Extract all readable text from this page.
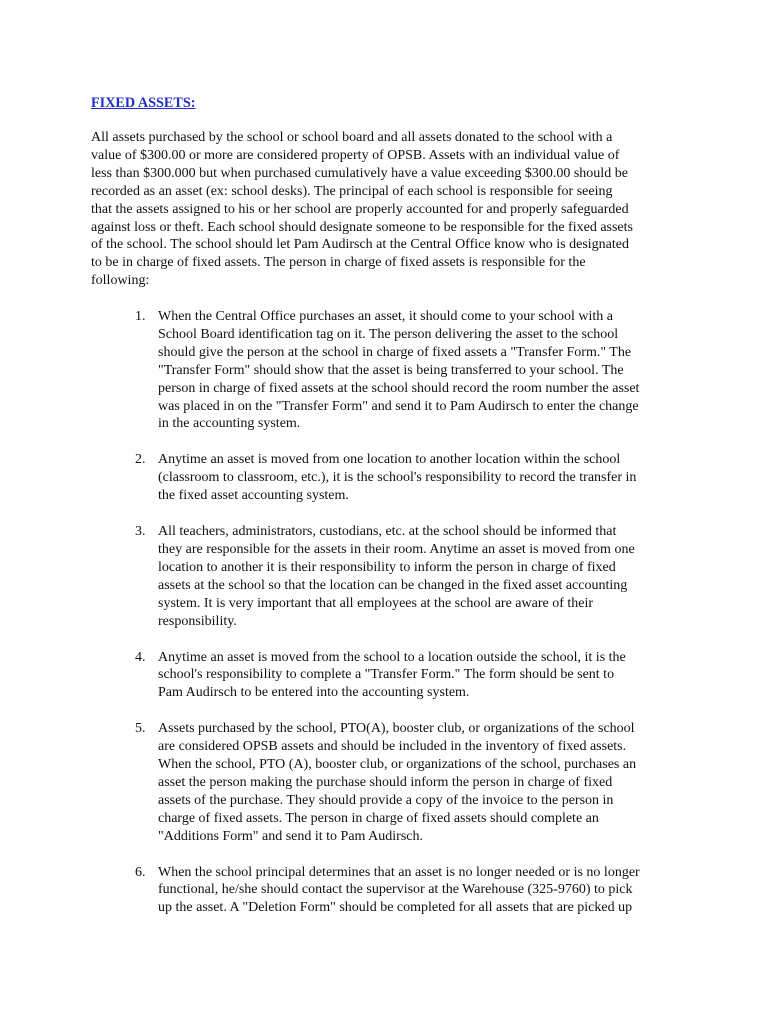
FIXED ASSETS:
All assets purchased by the school or school board and all assets donated to the school with a
value of $300.00 or more are considered property of OPSB. Assets with an individual value of
less than $300.000 but when purchased cumulatively have a value exceeding $300.00 should be
recorded as an asset (ex: school desks). The principal of each school is responsible for seeing
that the assets assigned to his or her school are properly accounted for and properly safeguarded
against loss or theft. Each school should designate someone to be responsible for the fixed assets
of the school. The school should let Pam Audirsch at the Central Office know who is designated
to be in charge of fixed assets. The person in charge of fixed assets is responsible for the
following:
1. When the Central Office purchases an asset, it should come to your school with a
School Board identification tag on it. The person delivering the asset to the school
should give the person at the school in charge of fixed assets a "Transfer Form." The
"Transfer Form" should show that the asset is being transferred to your school. The
person in charge of fixed assets at the school should record the room number the asset
was placed in on the "Transfer Form" and send it to Pam Audirsch to enter the change
in the accounting system.
2. Anytime an asset is moved from one location to another location within the school
(classroom to classroom, etc.), it is the school's responsibility to record the transfer in
the fixed asset accounting system.
3. All teachers, administrators, custodians, etc. at the school should be informed that
they are responsible for the assets in their room. Anytime an asset is moved from one
location to another it is their responsibility to inform the person in charge of fixed
assets at the school so that the location can be changed in the fixed asset accounting
system. It is very important that all employees at the school are aware of their
responsibility.
4. Anytime an asset is moved from the school to a location outside the school, it is the
school's responsibility to complete a "Transfer Form." The form should be sent to
Pam Audirsch to be entered into the accounting system.
5. Assets purchased by the school, PTO(A), booster club, or organizations of the school
are considered OPSB assets and should be included in the inventory of fixed assets.
When the school, PTO (A), booster club, or organizations of the school, purchases an
asset the person making the purchase should inform the person in charge of fixed
assets of the purchase. They should provide a copy of the invoice to the person in
charge of fixed assets. The person in charge of fixed assets should complete an
"Additions Form" and send it to Pam Audirsch.
6. When the school principal determines that an asset is no longer needed or is no longer
functional, he/she should contact the supervisor at the Warehouse (325-9760) to pick
up the asset. A "Deletion Form" should be completed for all assets that are picked up
